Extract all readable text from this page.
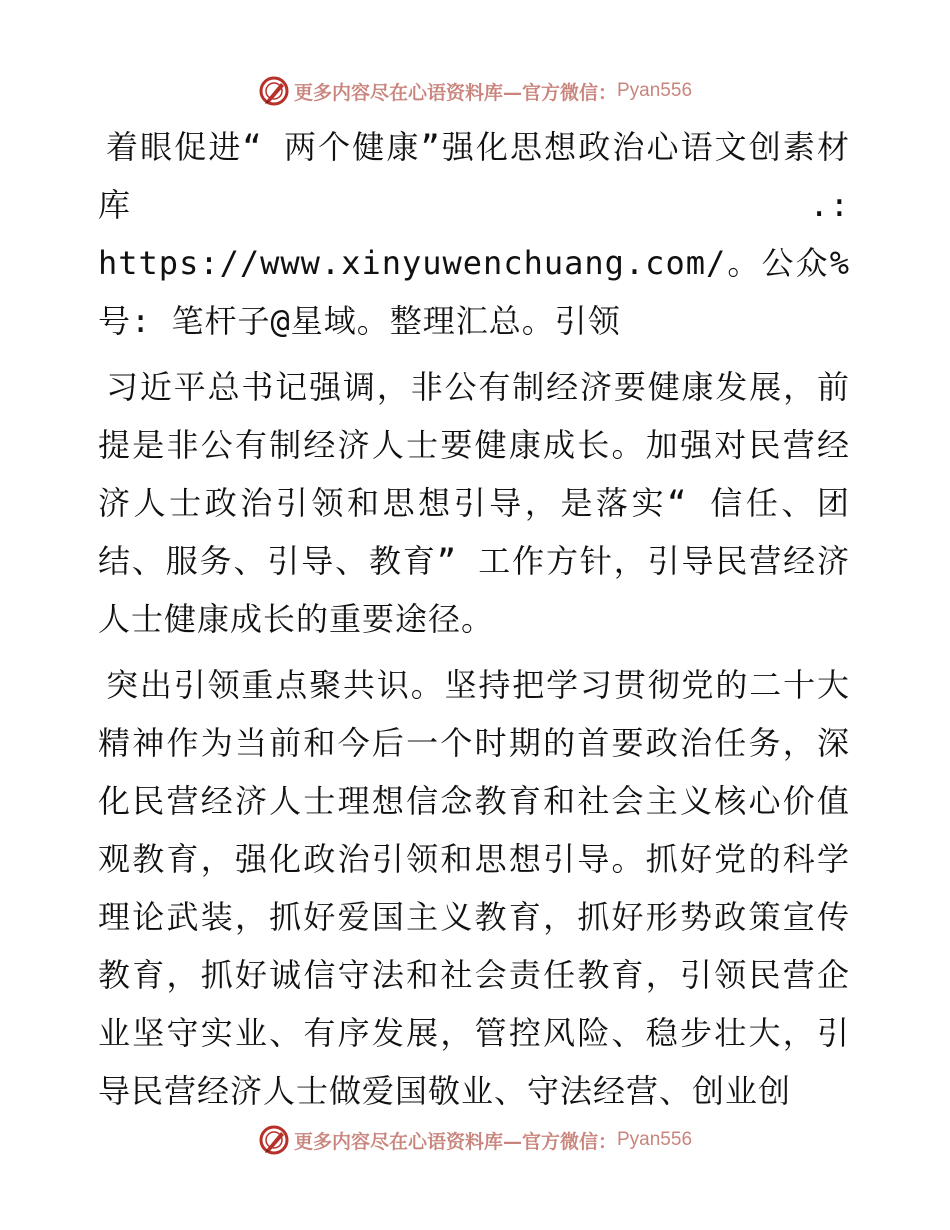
更多内容尽在心语资料库—官方微信： Pyan556

着眼促进“ 两个健康”强化思想政治心语文创素材库.: https://www.xinyuwenchuang.com/。公众%号: 笔杆子@星域。整理汇总。引领

习近平总书记强调，非公有制经济要健康发展，前提是非公有制经济人士要健康成长。加强对民营经济人士政治引领和思想引导，是落实“ 信任、团结、服务、引导、教育” 工作方针，引导民营经济人士健康成长的重要途径。

突出引领重点聚共识。坚持把学习贯彻党的二十大精神作为当前和今后一个时期的首要政治任务，深化民营经济人士理想信念教育和社会主义核心价值观教育，强化政治引领和思想引导。抓好党的科学理论武装，抓好爱国主义教育，抓好形势政策宣传教育，抓好诚信守法和社会责任教育，引领民营企业坚守实业、有序发展，管控风险、稳步壮大，引导民营经济人士做爱国敬业、守法经营、创业创

更多内容尽在心语资料库—官方微信： Pyan556
